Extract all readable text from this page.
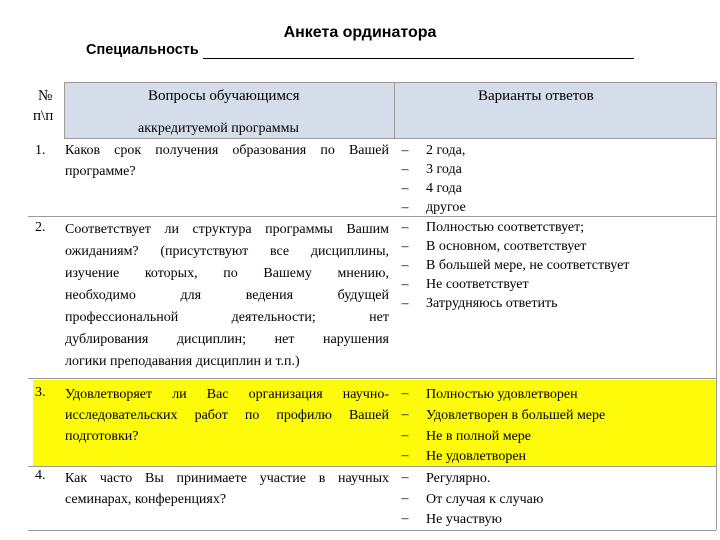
Анкета ординатора
Специальность
№
п\п
Вопросы обучающимся
аккредитуемой программы
Варианты ответов
1. Каков срок получения образования по Вашей
программе?
–
–
–
–
2 года,
3 года
4 года
другое
2. Соответствует ли структура программы Вашим
ожиданиям? (присутствуют все дисциплины,
изучение которых, по Вашему мнению,
необходимо для ведения будущей
профессиональной деятельности; нет
дублирования дисциплин; нет нарушения
логики преподавания дисциплин и т.п.)
–
–
–
–
–
Полностью соответствует;
В основном, соответствует
В большей мере, не соответствует
Не соответствует
Затрудняюсь ответить
3. Удовлетворяет ли Вас организация научно-
исследовательских работ по профилю Вашей
подготовки?
–
–
–
–
Полностью удовлетворен
Удовлетворен в большей мере
Не в полной мере
Не удовлетворен
4. Как часто Вы принимаете участие в научных
семинарах, конференциях?
–
–
–
Регулярно.
От случая к случаю
Не участвую
